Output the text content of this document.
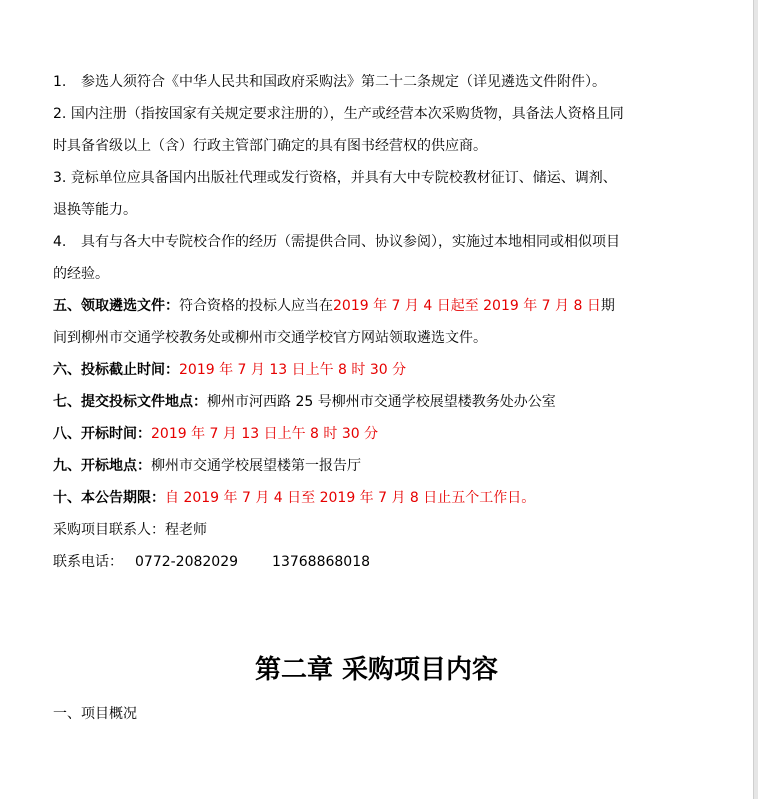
1. 参选人须符合《中华人民共和国政府采购法》第二十二条规定（详见遴选文件附件）。
2. 国内注册（指按国家有关规定要求注册的），生产或经营本次采购货物，具备法人资格且同
时具备省级以上（含）行政主管部门确定的具有图书经营权的供应商。
3. 竞标单位应具备国内出版社代理或发行资格，并具有大中专院校教材征订、储运、调剂、
退换等能力。
4. 具有与各大中专院校合作的经历（需提供合同、协议参阅），实施过本地相同或相似项目
的经验。
五、领取遴选文件：符合资格的投标人应当在2019 年 7 月 4 日起至 2019 年 7 月 8 日期
间到柳州市交通学校教务处或柳州市交通学校官方网站领取遴选文件。
六、投标截止时间：2019 年 7 月 13 日上午 8 时 30 分
七、提交投标文件地点：柳州市河西路 25 号柳州市交通学校展望楼教务处办公室
八、开标时间：2019 年 7 月 13 日上午 8 时 30 分
九、开标地点：柳州市交通学校展望楼第一报告厅
十、本公告期限：自 2019 年 7 月 4 日至 2019 年 7 月 8 日止五个工作日。
采购项目联系人：程老师
联系电话： 0772-2082029 13768868018
第二章 采购项目内容
一、项目概况
